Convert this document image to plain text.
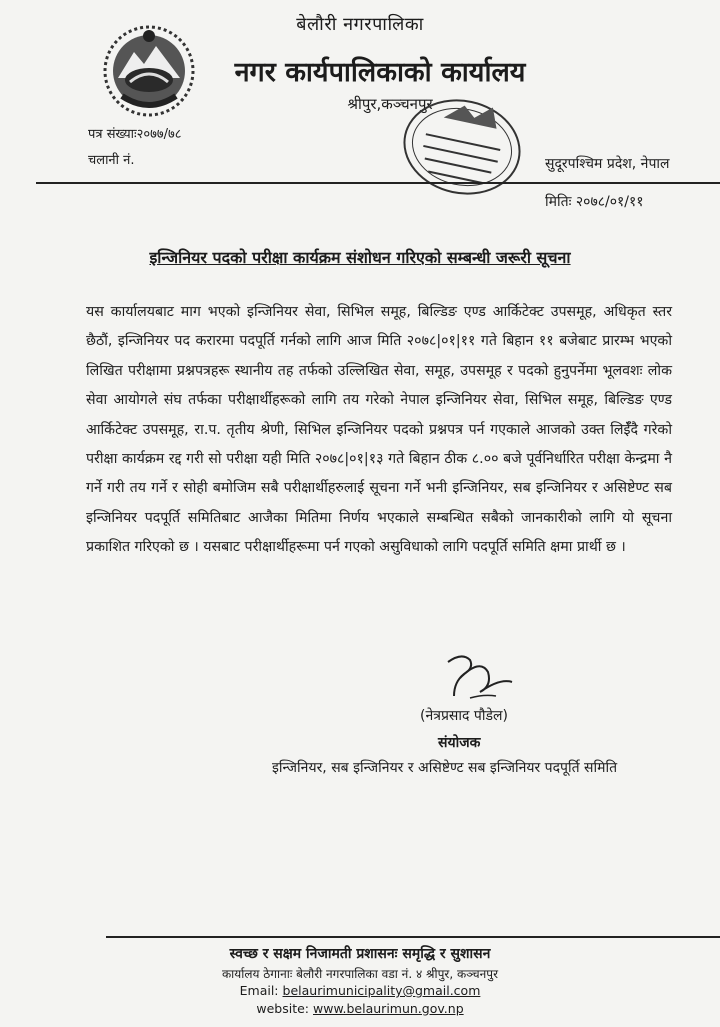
बेलौरी नगरपालिका
नगर कार्यपालिकाको कार्यालय
श्रीपुर,कञ्चनपुर
पत्र संख्याः२०७७/७८
चलानी नं.	सुदूरपश्चिम प्रदेश, नेपाल
मितिः २०७८/०१/११
इन्जिनियर पदको परीक्षा कार्यक्रम संशोधन गरिएको सम्बन्धी जरूरी सूचना
यस कार्यालयबाट माग भएको इन्जिनियर सेवा, सिभिल समूह, बिल्डिङ एण्ड आर्किटेक्ट उपसमूह, अधिकृत स्तर छैठौं, इन्जिनियर पद करारमा पदपूर्ति गर्नको लागि आज मिति २०७८|०१|११ गते बिहान ११ बजेबाट प्रारम्भ भएको लिखित परीक्षामा प्रश्नपत्रहरू स्थानीय तह तर्फको उल्लिखित सेवा, समूह, उपसमूह र पदको हुनुपर्नेमा भूलवशः लोक सेवा आयोगले संघ तर्फका परीक्षार्थीहरूको लागि तय गरेको नेपाल इन्जिनियर सेवा, सिभिल समूह, बिल्डिङ एण्ड आर्किटेक्ट उपसमूह, रा.प. तृतीय श्रेणी, सिभिल इन्जिनियर पदको प्रश्नपत्र पर्न गएकाले आजको उक्त लिईँदै गरेको परीक्षा कार्यक्रम रद्द गरी सो परीक्षा यही मिति २०७८|०१|१३ गते बिहान ठीक ८.०० बजे पूर्वनिर्धारित परीक्षा केन्द्रमा नै गर्ने गरी तय गर्ने र सोही बमोजिम सबै परीक्षार्थीहरुलाई सूचना गर्ने भनी इन्जिनियर, सब इन्जिनियर र असिष्टेण्ट सब इन्जिनियर पदपूर्ति समितिबाट आजैका मितिमा निर्णय भएकाले सम्बन्धित सबैको जानकारीको लागि यो सूचना प्रकाशित गरिएको छ । यसबाट परीक्षार्थीहरूमा पर्न गएको असुविधाको लागि पदपूर्ति समिति क्षमा प्रार्थी छ ।
(नेत्रप्रसाद पौडेल)
संयोजक
इन्जिनियर, सब इन्जिनियर र असिष्टेण्ट सब इन्जिनियर पदपूर्ति समिति
स्वच्छ र सक्षम निजामती प्रशासनः समृद्धि र सुशासन
कार्यालय ठेगानाः बेलौरी नगरपालिका वडा नं. ४ श्रीपुर, कञ्चनपुर
Email: belaurimunicipality@gmail.com
website: www.belaurimun.gov.np
